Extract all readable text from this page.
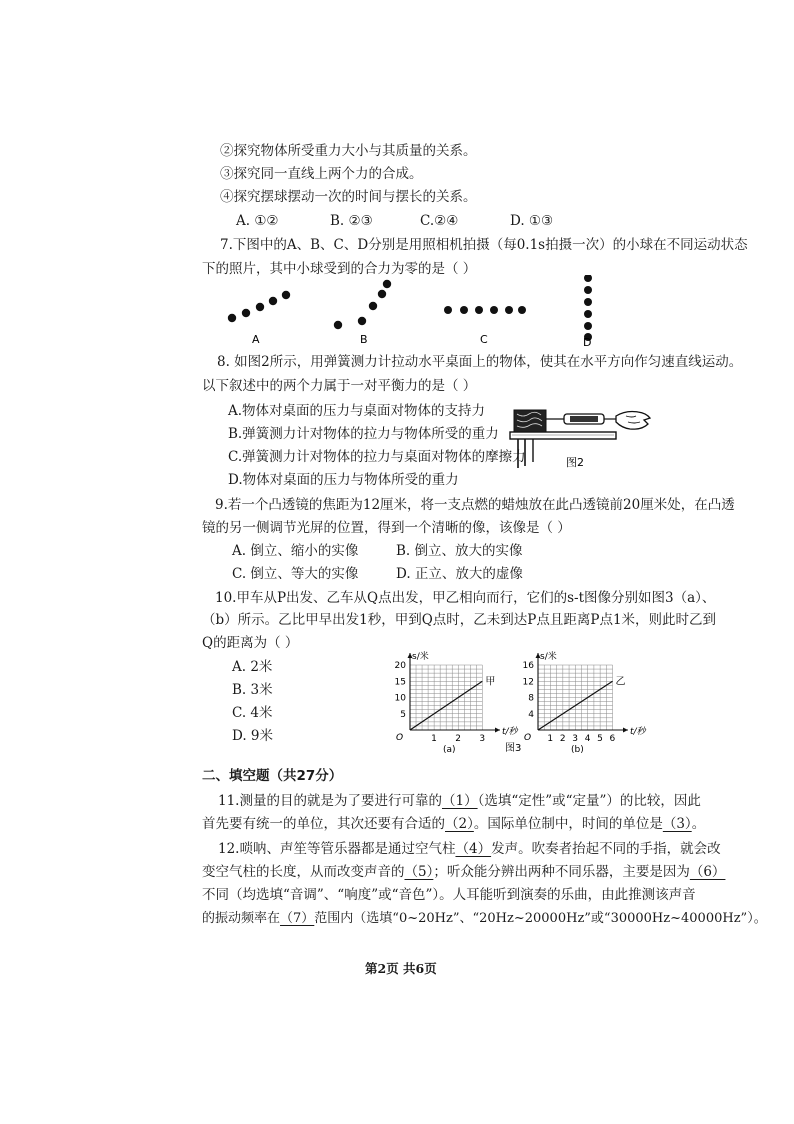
②探究物体所受重力大小与其质量的关系。
③探究同一直线上两个力的合成。
④探究摆球摆动一次的时间与摆长的关系。
A. ①②	B. ②③	C.②④	D. ①③
7.下图中的A、B、C、D分别是用照相机拍摄（每0.1s拍摄一次）的小球在不同运动状态
下的照片，其中小球受到的合力为零的是（ ）
A	B	C	D
8. 如图2所示，用弹簧测力计拉动水平桌面上的物体，使其在水平方向作匀速直线运动。
以下叙述中的两个力属于一对平衡力的是（ ）
A.物体对桌面的压力与桌面对物体的支持力
B.弹簧测力计对物体的拉力与物体所受的重力
C.弹簧测力计对物体的拉力与桌面对物体的摩擦力
D.物体对桌面的压力与物体所受的重力
图2
9.若一个凸透镜的焦距为12厘米，将一支点燃的蜡烛放在此凸透镜前20厘米处，在凸透
镜的另一侧调节光屏的位置，得到一个清晰的像，该像是（ ）
A. 倒立、缩小的实像	B. 倒立、放大的实像
C. 倒立、等大的实像	D. 正立、放大的虚像
10.甲车从P出发、乙车从Q点出发，甲乙相向而行，它们的s-t图像分别如图3（a）、
（b）所示。乙比甲早出发1秒，甲到Q点时，乙未到达P点且距离P点1米，则此时乙到
Q的距离为（ ）
A. 2米
B. 3米
C. 4米
D. 9米
图3
1 2 3
5
10
15
20
O
s/米
t/秒
(a)
甲
1 2 3 4 5 6
4
8
12
16
O
s/米
t/秒
(b)
乙
二、填空题（共27分）
11.测量的目的就是为了要进行可靠的（1）（选填“定性”或“定量”）的比较，因此
首先要有统一的单位，其次还要有合适的（2）。国际单位制中，时间的单位是（3）。
12.唢呐、声笙等管乐器都是通过空气柱（4）发声。吹奏者抬起不同的手指，就会改
变空气柱的长度，从而改变声音的（5）；听众能分辨出两种不同乐器，主要是因为（6）
不同（均选填“音调”、“响度”或“音色”）。人耳能听到演奏的乐曲，由此推测该声音
的振动频率在（7）范围内（选填“0~20Hz”、“20Hz~20000Hz”或“30000Hz~40000Hz”）。
第2页 共6页
